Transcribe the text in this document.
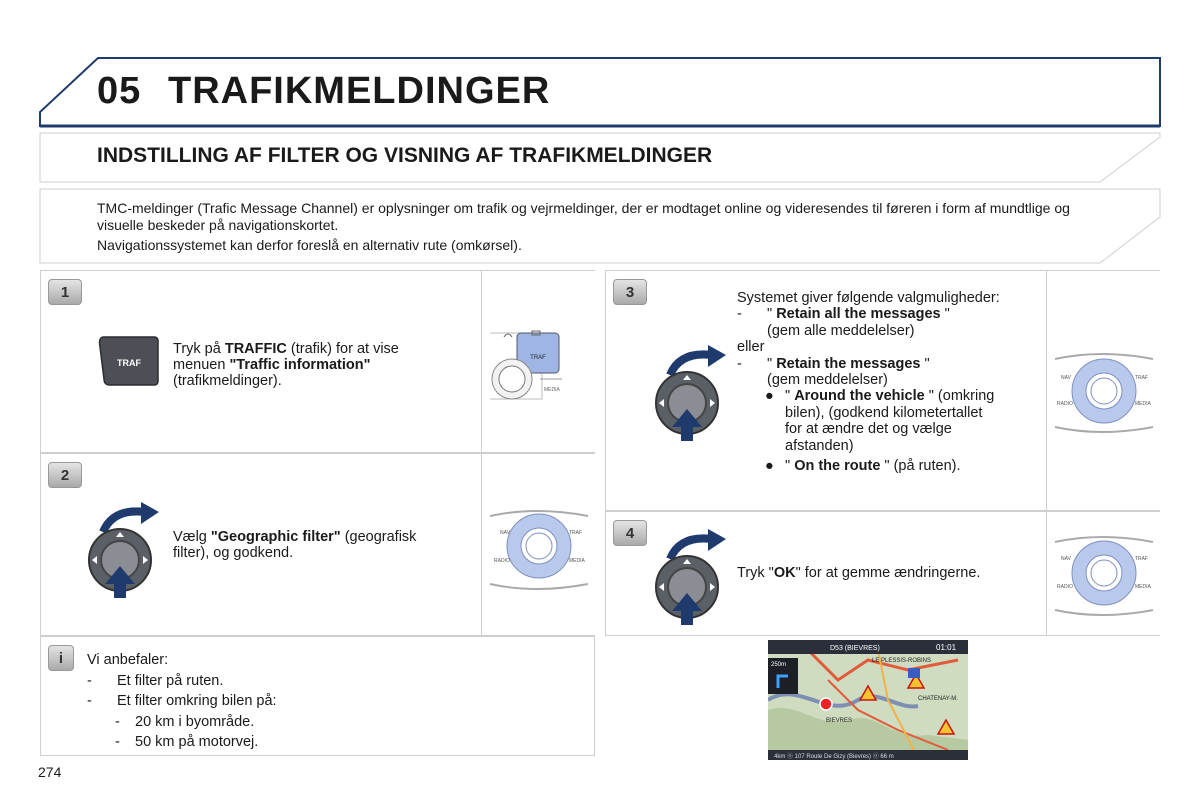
05 TRAFIKMELDINGER
INDSTILLING AF FILTER OG VISNING AF TRAFIKMELDINGER

TMC-meldinger (Trafic Message Channel) er oplysninger om trafik og vejrmeldinger, der er modtaget online og videresendes til føreren i form af mundtlige og visuelle beskeder på navigationskortet.

Navigationssystemet kan derfor foreslå en alternativ rute (omkørsel).

1
TRAF
Tryk på TRAFFIC (trafik) for at vise menuen "Traffic information" (trafikmeldinger).
TRAF
MEDIA
2
Vælg "Geographic filter" (geografisk filter), og godkend.
NAV	TRAF
RADIO	MEDIA
i	Vi anbefaler:
-	Et filter på ruten.
-	Et filter omkring bilen på:
-	20 km i byområde.
-	50 km på motorvej.
3	Systemet giver følgende valgmuligheder:
-	" Retain all the messages "
(gem alle meddelelser)
eller
-	" Retain the messages "
(gem meddelelser)
● " Around the vehicle " (omkring bilen), (godkend kilometertallet for at ændre det og vælge afstanden)
● " On the route " (på ruten).
NAV	TRAF
RADIO	MEDIA
4
Tryk "OK" for at gemme ændringerne.
NAV	TRAF
RADIO	MEDIA
D53 (BIEVRES)	01:01
250m
LE PLESSIS-ROBINS
CHATENAY-M.
BIEVRES
4km ⓪ 107 Route De Gizy (Bievres) ⓪ 66 m
274
